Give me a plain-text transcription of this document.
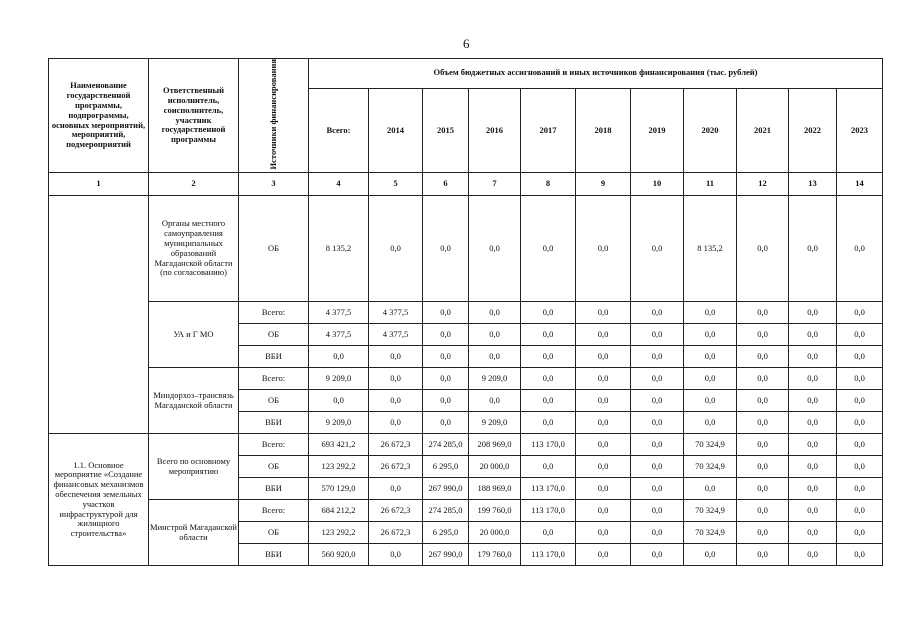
6
Наименование государственной программы, подпрограммы, основных мероприятий, мероприятий, подмероприятий	Ответственный исполнитель, соисполнитель, участник государственной программы	Источники финансирования	Объем бюджетных ассигнований и иных источников финансирования (тыс. рублей)										
			Всего:	2014	2015	2016	2017	2018	2019	2020	2021	2022	2023
1	2	3	4	5	6	7	8	9	10	11	12	13	14
	Органы местного самоуправления муниципальных образований Магаданской области (по согласованию)	ОБ	8 135,2	0,0	0,0	0,0	0,0	0,0	0,0	8 135,2	0,0	0,0	0,0
	УА и Г МО	Всего:	4 377,5	4 377,5	0,0	0,0	0,0	0,0	0,0	0,0	0,0	0,0	0,0
		ОБ	4 377,5	4 377,5	0,0	0,0	0,0	0,0	0,0	0,0	0,0	0,0	0,0
		ВБИ	0,0	0,0	0,0	0,0	0,0	0,0	0,0	0,0	0,0	0,0	0,0
	Миндорхоз–трансвязь Магаданской области	Всего:	9 209,0	0,0	0,0	9 209,0	0,0	0,0	0,0	0,0	0,0	0,0	0,0
		ОБ	0,0	0,0	0,0	0,0	0,0	0,0	0,0	0,0	0,0	0,0	0,0
		ВБИ	9 209,0	0,0	0,0	9 209,0	0,0	0,0	0,0	0,0	0,0	0,0	0,0
1.1. Основное мероприятие «Создание финансовых механизмов обеспечения земельных участков инфраструктурой для жилищного строительства»	Всего по основному мероприятию	Всего:	693 421,2	26 672,3	274 285,0	208 969,0	113 170,0	0,0	0,0	70 324,9	0,0	0,0	0,0
		ОБ	123 292,2	26 672,3	6 295,0	20 000,0	0,0	0,0	0,0	70 324,9	0,0	0,0	0,0
		ВБИ	570 129,0	0,0	267 990,0	188 969,0	113 170,0	0,0	0,0	0,0	0,0	0,0	0,0
	Минстрой Магаданской области	Всего:	684 212,2	26 672,3	274 285,0	199 760,0	113 170,0	0,0	0,0	70 324,9	0,0	0,0	0,0
		ОБ	123 292,2	26 672,3	6 295,0	20 000,0	0,0	0,0	0,0	70 324,9	0,0	0,0	0,0
		ВБИ	560 920,0	0,0	267 990,0	179 760,0	113 170,0	0,0	0,0	0,0	0,0	0,0	0,0
